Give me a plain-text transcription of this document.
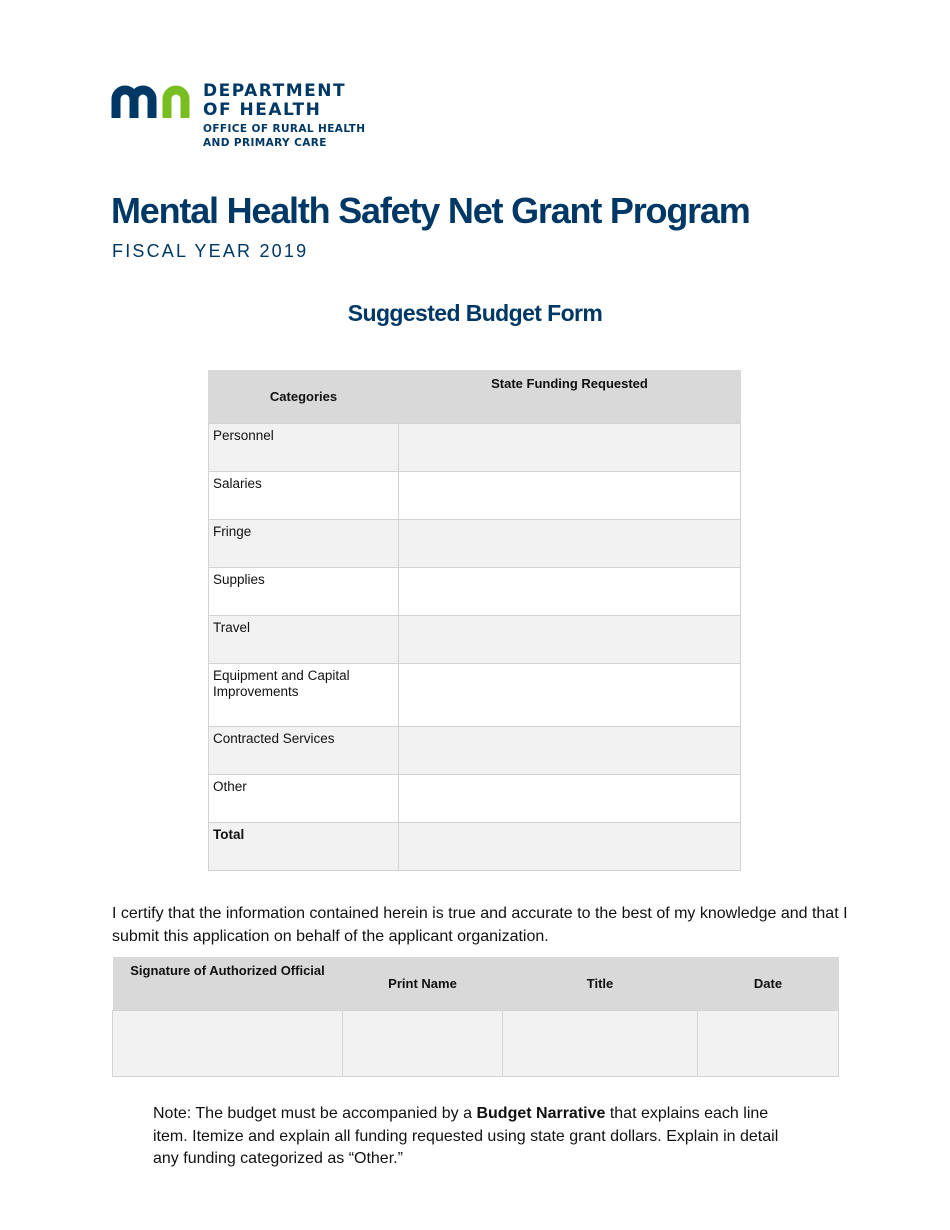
DEPARTMENT
OF HEALTH
OFFICE OF RURAL HEALTH
AND PRIMARY CARE
Mental Health Safety Net Grant Program
FISCAL YEAR 2019
Suggested Budget Form
Categories	State Funding Requested
Personnel	
Salaries	
Fringe	
Supplies	
Travel	
Equipment and Capital Improvements	
Contracted Services	
Other	
Total	
I certify that the information contained herein is true and accurate to the best of my knowledge and that I submit this application on behalf of the applicant organization.
Signature of Authorized Official	Print Name	Title	Date

Note: The budget must be accompanied by a Budget Narrative that explains each line item. Itemize and explain all funding requested using state grant dollars. Explain in detail any funding categorized as “Other.”
